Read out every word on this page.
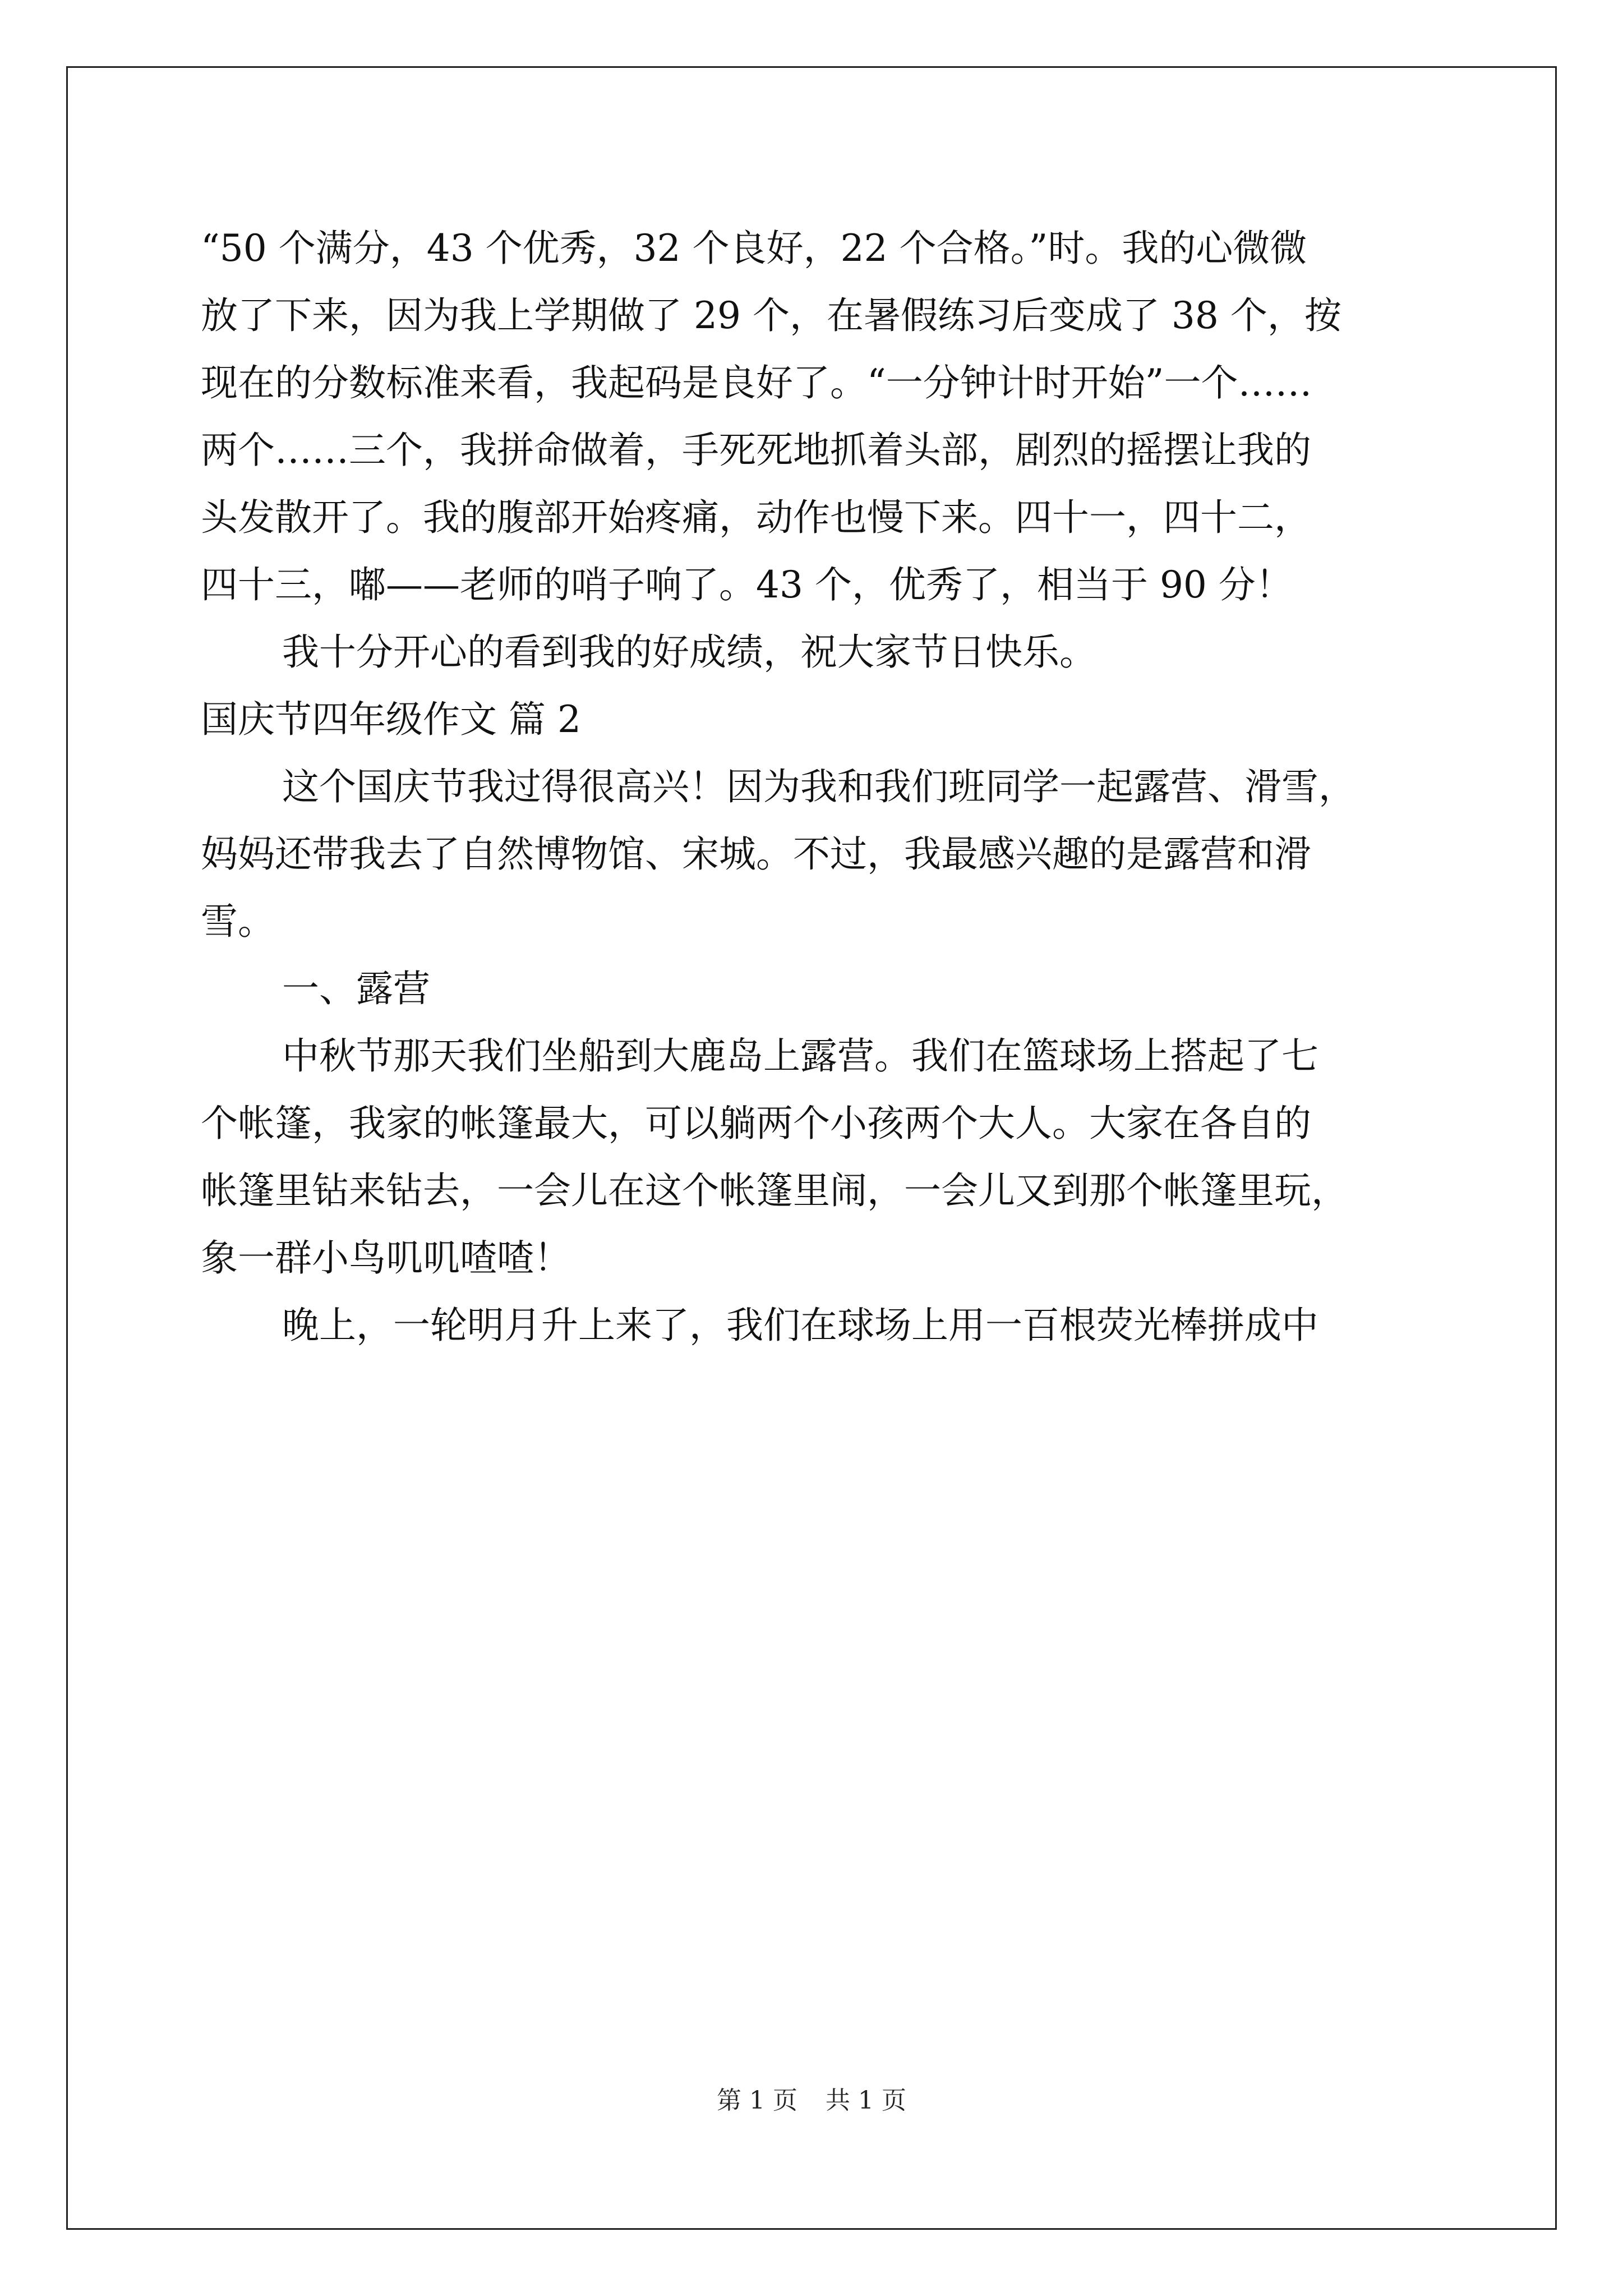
“50 个满分，43 个优秀，32 个良好，22 个合格。”时。我的心微微
放了下来，因为我上学期做了 29 个，在暑假练习后变成了 38 个，按
现在的分数标准来看，我起码是良好了。“一分钟计时开始”一个……
两个……三个，我拼命做着，手死死地抓着头部，剧烈的摇摆让我的
头发散开了。我的腹部开始疼痛，动作也慢下来。四十一，四十二，
四十三，嘟——老师的哨子响了。43 个，优秀了，相当于 90 分！
我十分开心的看到我的好成绩，祝大家节日快乐。
国庆节四年级作文 篇 2
这个国庆节我过得很高兴！因为我和我们班同学一起露营、滑雪，
妈妈还带我去了自然博物馆、宋城。不过，我最感兴趣的是露营和滑
雪。
一、露营
中秋节那天我们坐船到大鹿岛上露营。我们在篮球场上搭起了七
个帐篷，我家的帐篷最大，可以躺两个小孩两个大人。大家在各自的
帐篷里钻来钻去，一会儿在这个帐篷里闹，一会儿又到那个帐篷里玩，
象一群小鸟叽叽喳喳！
晚上，一轮明月升上来了，我们在球场上用一百根荧光棒拼成中
第 1 页 共 1 页
